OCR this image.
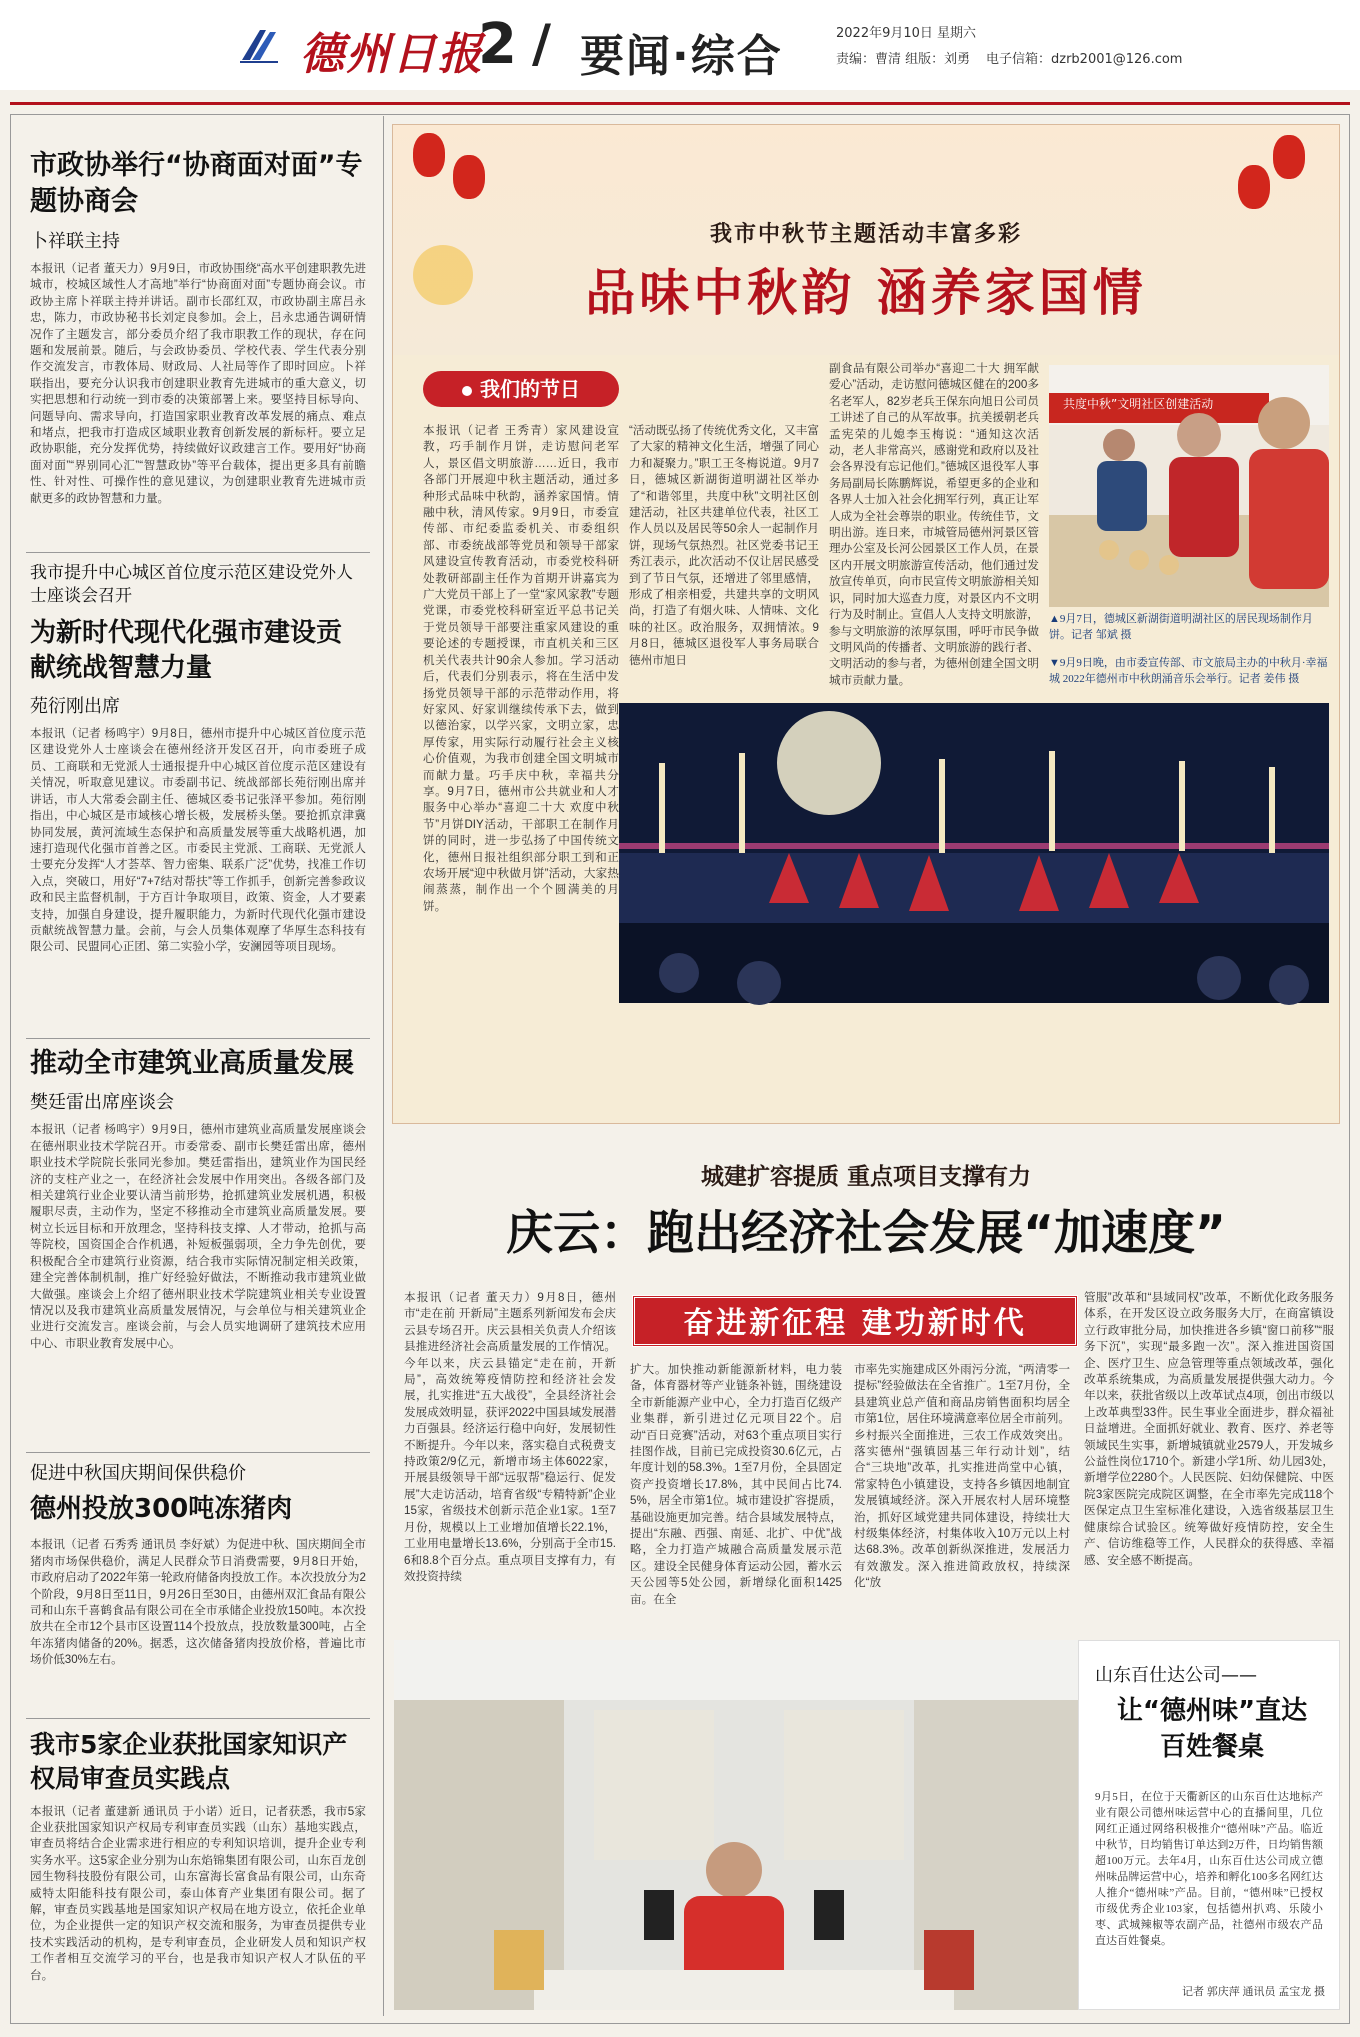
德州日报
2 / 要闻·综合	2022年9月10日 星期六
责编：曹清 组版：刘勇 电子信箱：dzrb2001@126.com
市政协举行“协商面对面”专题协商会
卜祥联主持

本报讯（记者 董天力）9月9日，市政协围绕“高水平创建职教先进城市，校城区域性人才高地”举行“协商面对面”专题协商会议。市政协主席卜祥联主持并讲话。副市长邵红双，市政协副主席吕永忠，陈力，市政协秘书长刘定良参加。会上，吕永忠通告调研情况作了主题发言，部分委员介绍了我市职教工作的现状，存在问题和发展前景。随后，与会政协委员、学校代表、学生代表分别作交流发言，市教体局、财政局、人社局等作了即时回应。卜祥联指出，要充分认识我市创建职业教育先进城市的重大意义，切实把思想和行动统一到市委的决策部署上来。要坚持目标导向、问题导向、需求导向，打造国家职业教育改革发展的痛点、难点和堵点，把我市打造成区域职业教育创新发展的新标杆。要立足政协职能，充分发挥优势，持续做好议政建言工作。要用好“协商面对面”“界别同心汇”“智慧政协”等平台载体，提出更多具有前瞻性、针对性、可操作性的意见建议，为创建职业教育先进城市贡献更多的政协智慧和力量。

我市提升中心城区首位度示范区建设党外人士座谈会召开
为新时代现代化强市建设贡献统战智慧力量
苑衍刚出席

本报讯（记者 杨鸣宇）9月8日，德州市提升中心城区首位度示范区建设党外人士座谈会在德州经济开发区召开，向市委班子成员、工商联和无党派人士通报提升中心城区首位度示范区建设有关情况，听取意见建议。市委副书记、统战部部长苑衍刚出席并讲话，市人大常委会副主任、德城区委书记张泽平参加。苑衍刚指出，中心城区是市域核心增长极，发展桥头堡。要抢抓京津冀协同发展，黄河流域生态保护和高质量发展等重大战略机遇，加速打造现代化强市首善之区。市委民主党派、工商联、无党派人士要充分发挥“人才荟萃、智力密集、联系广泛”优势，找准工作切入点，突破口，用好“7+7结对帮扶”等工作抓手，创新完善参政议政和民主监督机制，于方百计争取项目，政策、资金，人才要素支持，加强自身建设，提升履职能力，为新时代现代化强市建设贡献统战智慧力量。会前，与会人员集体观摩了华厚生态科技有限公司、民盟同心正团、第二实验小学，安澜园等项目现场。

推动全市建筑业高质量发展
樊廷雷出席座谈会

本报讯（记者 杨鸣宇）9月9日，德州市建筑业高质量发展座谈会在德州职业技术学院召开。市委常委、副市长樊廷雷出席，德州职业技术学院院长张同光参加。樊廷雷指出，建筑业作为国民经济的支柱产业之一，在经济社会发展中作用突出。各级各部门及相关建筑行业企业要认清当前形势，抢抓建筑业发展机遇，积极履职尽责，主动作为，坚定不移推动全市建筑业高质量发展。要树立长远目标和开放理念，坚持科技支撑、人才带动，抢抓与高等院校，国资国企合作机遇，补短板强弱项，全力争先创优，要积极配合全市建筑行业资源，结合我市实际情况制定相关政策，建全完善体制机制，推广好经验好做法，不断推动我市建筑业做大做强。座谈会上介绍了德州职业技术学院建筑业相关专业设置情况以及我市建筑业高质量发展情况，与会单位与相关建筑业企业进行交流发言。座谈会前，与会人员实地调研了建筑技术应用中心、市职业教育发展中心。

促进中秋国庆期间保供稳价
德州投放300吨冻猪肉

本报讯（记者 石秀秀 通讯员 李好斌）为促进中秋、国庆期间全市猪肉市场保供稳价，满足人民群众节日消费需要，9月8日开始，市政府启动了2022年第一轮政府储备肉投放工作。本次投放分为2个阶段，9月8日至11日，9月26日至30日，由德州双汇食品有限公司和山东千喜鹤食品有限公司在全市承储企业投放150吨。本次投放共在全市12个县市区设置114个投放点，投放数量300吨，占全年冻猪肉储备的20%。据悉，这次储备猪肉投放价格，普遍比市场价低30%左右。

我市5家企业获批国家知识产权局审查员实践点

本报讯（记者 董建新 通讯员 于小诺）近日，记者获悉，我市5家企业获批国家知识产权局专利审查员实践（山东）基地实践点，审查员将结合企业需求进行相应的专利知识培训，提升企业专利实务水平。这5家企业分别为山东焰锦集团有限公司，山东百龙创园生物科技股份有限公司，山东富海长富食品有限公司，山东奇威特太阳能科技有限公司，泰山体育产业集团有限公司。据了解，审查员实践基地是国家知识产权局在地方设立，依托企业单位，为企业提供一定的知识产权交流和服务，为审查员提供专业技术实践活动的机构，是专利审查员，企业研发人员和知识产权工作者相互交流学习的平台，也是我市知识产权人才队伍的平台。

我市中秋节主题活动丰富多彩
品味中秋韵 涵养家国情
我们的节日

本报讯（记者 王秀青）家风建设宣教，巧手制作月饼，走访慰问老军人，景区倡文明旅游……近日，我市各部门开展迎中秋主题活动，通过多种形式品味中秋韵，涵养家国情。情融中秋，清风传家。9月9日，市委宣传部、市纪委监委机关、市委组织部、市委统战部等党员和领导干部家风建设宣传教育活动，市委党校科研处教研部副主任作为首期开讲嘉宾为广大党员干部上了一堂“家风家教”专题党课，市委党校科研室近平总书记关于党员领导干部要注重家风建设的重要论述的专题授课，市直机关和三区机关代表共计90余人参加。学习活动后，代表们分别表示，将在生活中发扬党员领导干部的示范带动作用，将好家风、好家训继续传承下去，做到以德治家，以学兴家，文明立家，忠厚传家，用实际行动履行社会主义核心价值观，为我市创建全国文明城市而献力量。巧手庆中秋，幸福共分享。9月7日，德州市公共就业和人才服务中心举办“喜迎二十大 欢度中秋节”月饼DIY活动，干部职工在制作月饼的同时，进一步弘扬了中国传统文化，德州日报社组织部分职工到和正农场开展“迎中秋做月饼”活动，大家热闹蒸蒸，制作出一个个圆满美的月饼。

“活动既弘扬了传统优秀文化，又丰富了大家的精神文化生活，增强了同心力和凝聚力。”职工王冬梅说道。9月7日，德城区新湖街道明湖社区举办了“和谐邻里，共度中秋”文明社区创建活动，社区共建单位代表，社区工作人员以及居民等50余人一起制作月饼，现场气氛热烈。社区党委书记王秀江表示，此次活动不仅让居民感受到了节日气氛，还增进了邻里感情，形成了相亲相爱，共建共享的文明风尚，打造了有烟火味、人情味、文化味的社区。政治服务，双拥情浓。9月8日，德城区退役军人事务局联合德州市旭日

副食品有限公司举办“喜迎二十大 拥军献爱心”活动，走访慰问德城区健在的200多名老军人，82岁老兵王保东向旭日公司员工讲述了自己的从军故事。抗美援朝老兵孟宪荣的儿媳李玉梅说：“通知这次活动，老人非常高兴，感谢党和政府以及社会各界没有忘记他们。”德城区退役军人事务局副局长陈鹏辉说，希望更多的企业和各界人士加入社会化拥军行列，真正让军人成为全社会尊崇的职业。传统佳节，文明出游。连日来，市城管局德州河景区管理办公室及长河公园景区工作人员，在景区内开展文明旅游宣传活动，他们通过发放宣传单页，向市民宣传文明旅游相关知识，同时加大巡查力度，对景区内不文明行为及时制止。宣倡人人支持文明旅游，参与文明旅游的浓厚氛围，呼吁市民争做文明风尚的传播者、文明旅游的践行者、文明活动的参与者，为德州创建全国文明城市贡献力量。

共度中秋”文明社区创建活动
▲9月7日，德城区新湖街道明湖社区的居民现场制作月饼。记者 邹斌 摄
▼9月9日晚，由市委宣传部、市文旅局主办的中秋月·幸福城 2022年德州市中秋朗涌音乐会举行。记者 姜伟 摄
城建扩容提质 重点项目支撑有力
庆云：跑出经济社会发展“加速度”
奋进新征程 建功新时代

本报讯（记者 董天力）9月8日，德州市“走在前 开新局”主题系列新闻发布会庆云县专场召开。庆云县相关负责人介绍该县推进经济社会高质量发展的工作情况。今年以来，庆云县锚定“走在前，开新局”，高效统筹疫情防控和经济社会发展，扎实推进“五大战役”，全县经济社会发展成效明显，获评2022中国县域发展潜力百强县。经济运行稳中向好，发展韧性不断提升。今年以来，落实稳自式税费支持政策2/9亿元，新增市场主体6022家，开展县级领导干部“远驭帮”稳运行、促发展”大走访活动，培育省级“专精特新”企业15家，省级技术创新示范企业1家。1至7月份，规模以上工业增加值增长22.1%，工业用电量增长13.6%，分别高于全市15.6和8.8个百分点。重点项目支撑有力，有效投资持续

扩大。加快推动新能源新材料，电力装备，体育器材等产业链条补链，围绕建设全市新能源产业中心，全力打造百亿级产业集群，新引进过亿元项目22个。启动“百日竞赛”活动，对63个重点项目实行挂图作战，目前已完成投资30.6亿元，占年度计划的58.3%。1至7月份，全县固定资产投资增长17.8%，其中民间占比74.5%，居全市第1位。城市建设扩容提质，基础设施更加完善。结合县域发展特点，提出“东融、西强、南延、北扩、中优”战略，全力打造产城融合高质量发展示范区。建设全民健身体育运动公园，蓄水云天公园等5处公园，新增绿化面积1425亩。在全

市率先实施建成区外雨污分流，“两清零一提标”经验做法在全省推广。1至7月份，全县建筑业总产值和商品房销售面积均居全市第1位，居住环境满意率位居全市前列。乡村振兴全面推进，三农工作成效突出。落实德州“强镇固基三年行动计划”，结合“三块地”改革，扎实推进尚堂中心镇，常家特色小镇建设，支持各乡镇因地制宜发展镇域经济。深入开展农村人居环境整治，抓好区域党建共同体建设，持续壮大村级集体经济，村集体收入10万元以上村达68.3%。改革创新纵深推进，发展活力有效激发。深入推进简政放权，持续深化“放

管服”改革和“县域同权”改革，不断优化政务服务体系，在开发区设立政务服务大厅，在商富镇设立行政审批分局，加快推进各乡镇“窗口前移”“服务下沉”，实现“最多跑一次”。深入推进国资国企、医疗卫生、应急管理等重点领域改革，强化改革系统集成，为高质量发展提供强大动力。今年以来，获批省级以上改革试点4项，创出市级以上改革典型33件。民生事业全面进步，群众福祉日益增进。全面抓好就业、教育、医疗、养老等领域民生实事，新增城镇就业2579人，开发城乡公益性岗位1710个。新建小学1所、幼儿园3处，新增学位2280个。人民医院、妇幼保健院、中医院3家医院完成院区调整，在全市率先完成118个医保定点卫生室标准化建设，入选省级基层卫生健康综合试验区。统筹做好疫情防控，安全生产、信访维稳等工作，人民群众的获得感、幸福感、安全感不断提高。

山东百仕达公司——
让“德州味”直达百姓餐桌

9月5日，在位于天衢新区的山东百仕达地标产业有限公司德州味运营中心的直播间里，几位网红正通过网络积极推介“德州味”产品。临近中秋节，日均销售订单达到2万件，日均销售额超100万元。去年4月，山东百仕达公司成立德州味品牌运营中心，培养和孵化100多名网红达人推介“德州味”产品。目前，“德州味”已授权市级优秀企业103家，包括德州扒鸡、乐陵小枣、武城辣椒等农副产品，社德州市级农产品直达百姓餐桌。

记者 郭庆萍 通讯员 孟宝龙 摄
